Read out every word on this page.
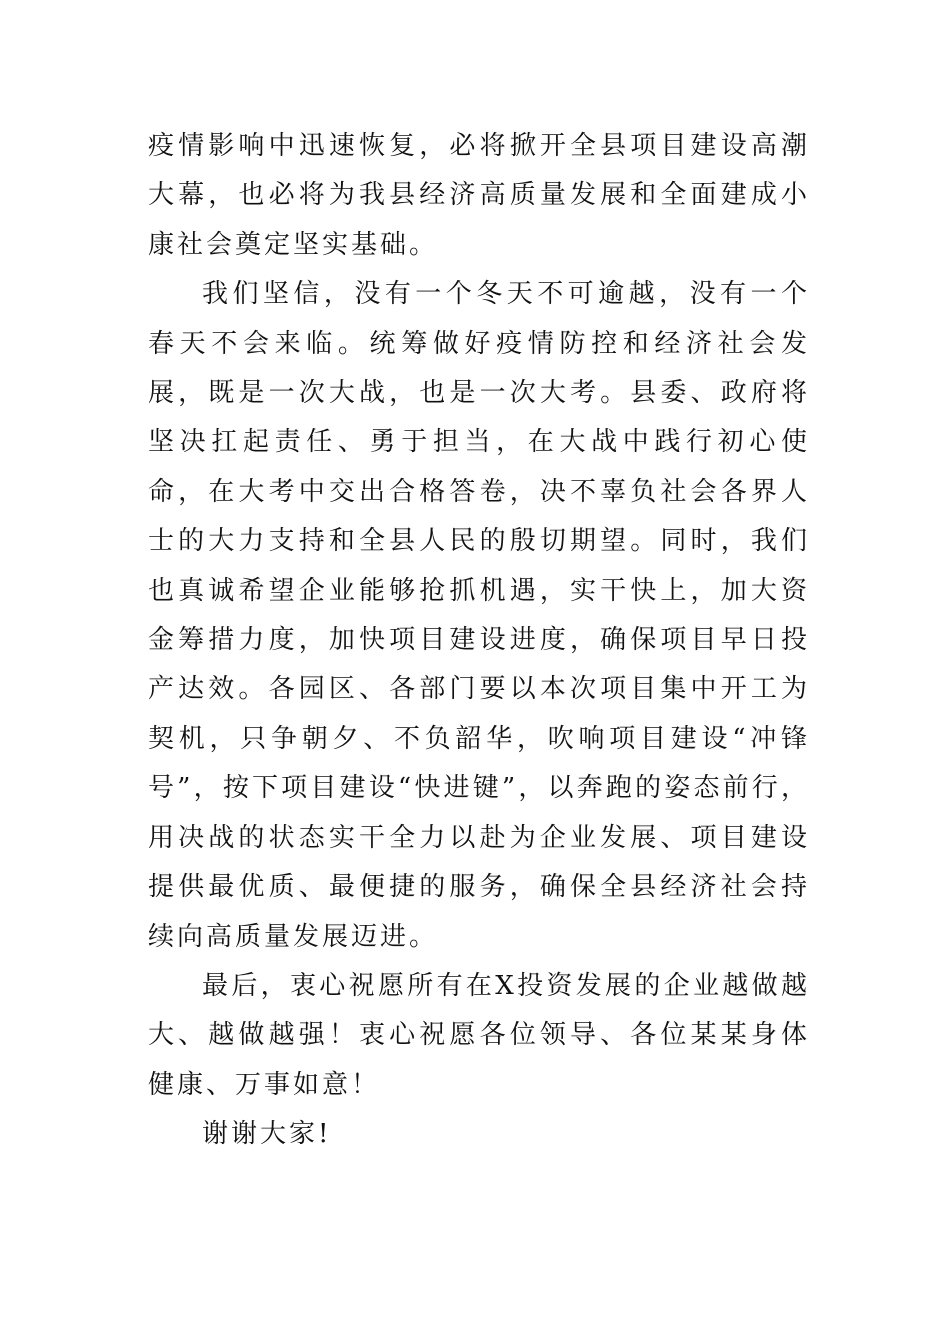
疫情影响中迅速恢复，必将掀开全县项目建设高潮大幕，也必将为我县经济高质量发展和全面建成小康社会奠定坚实基础。

我们坚信，没有一个冬天不可逾越，没有一个春天不会来临。统筹做好疫情防控和经济社会发展，既是一次大战，也是一次大考。县委、政府将坚决扛起责任、勇于担当，在大战中践行初心使命，在大考中交出合格答卷，决不辜负社会各界人士的大力支持和全县人民的殷切期望。同时，我们也真诚希望企业能够抢抓机遇，实干快上，加大资金筹措力度，加快项目建设进度，确保项目早日投产达效。各园区、各部门要以本次项目集中开工为契机，只争朝夕、不负韶华，吹响项目建设“冲锋号”，按下项目建设“快进键”，以奔跑的姿态前行，用决战的状态实干全力以赴为企业发展、项目建设提供最优质、最便捷的服务，确保全县经济社会持续向高质量发展迈进。

最后，衷心祝愿所有在X投资发展的企业越做越大、越做越强！衷心祝愿各位领导、各位某某身体健康、万事如意！

谢谢大家!
